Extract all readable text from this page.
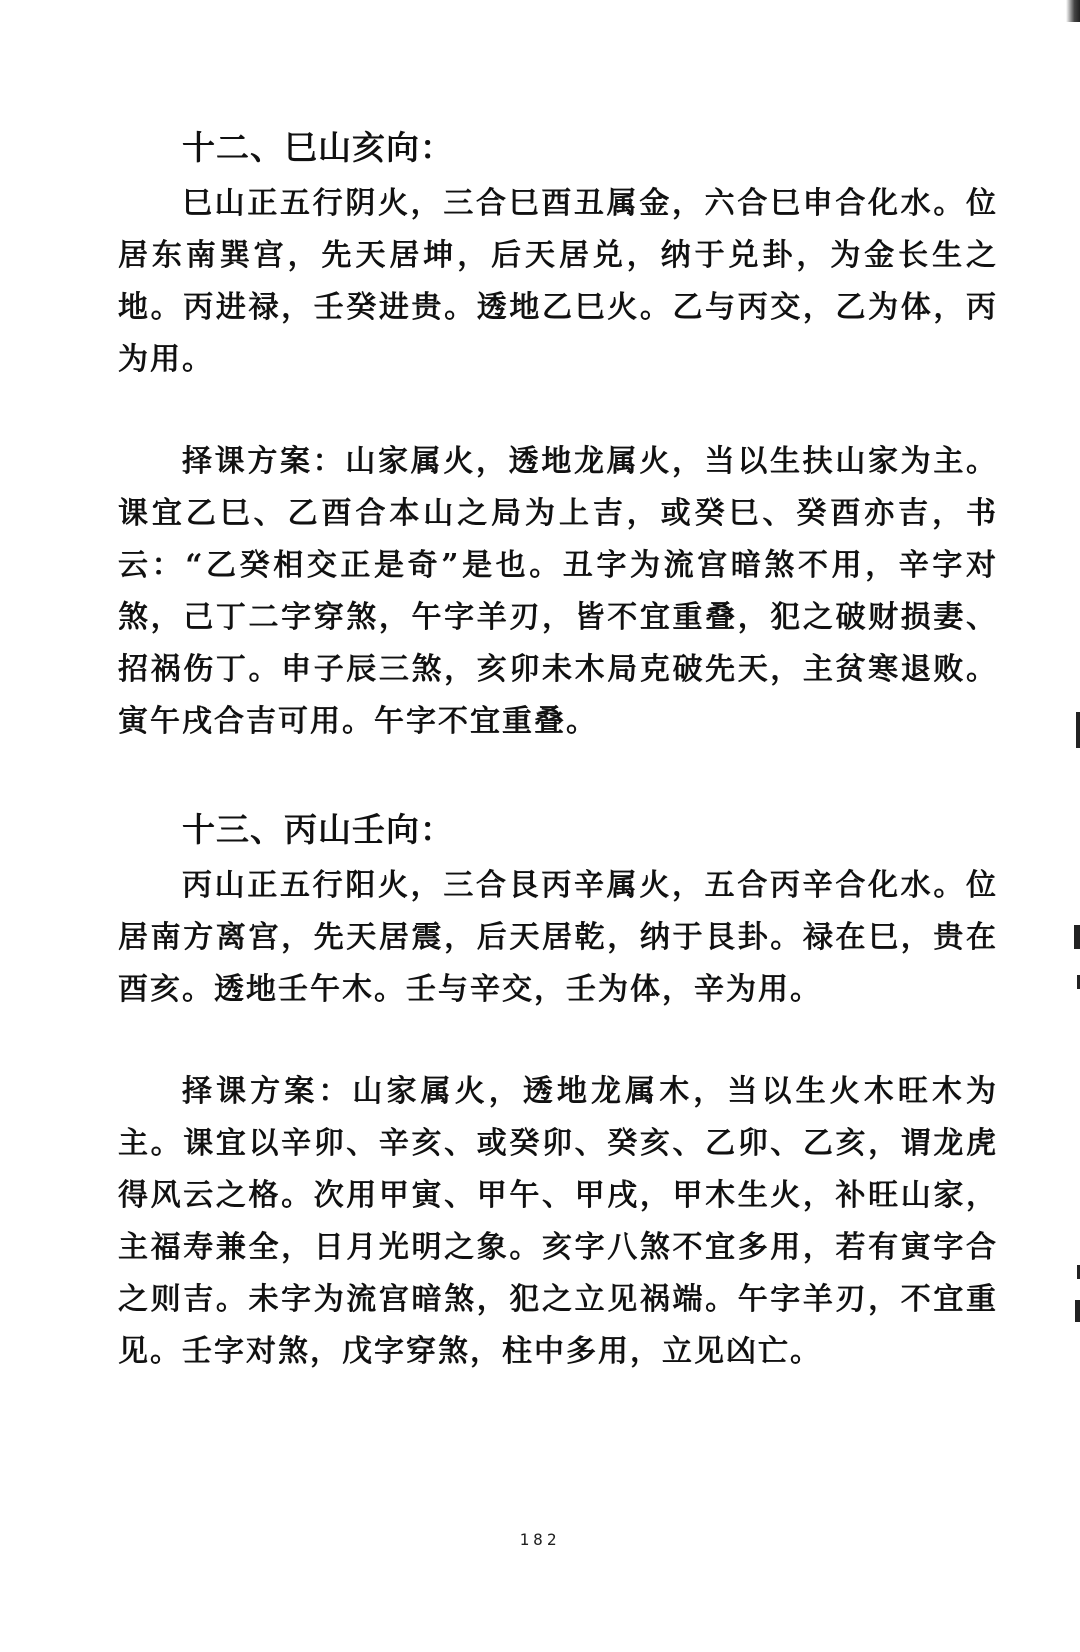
十二、巳山亥向：

巳山正五行阴火，三合巳酉丑属金，六合巳申合化水。位居东南巽宫，先天居坤，后天居兑，纳于兑卦，为金长生之地。丙进禄，壬癸进贵。透地乙巳火。乙与丙交，乙为体，丙为用。

择课方案：山家属火，透地龙属火，当以生扶山家为主。课宜乙巳、乙酉合本山之局为上吉，或癸巳、癸酉亦吉，书云：“乙癸相交正是奇”是也。丑字为流宫暗煞不用，辛字对煞，己丁二字穿煞，午字羊刃，皆不宜重叠，犯之破财损妻、招祸伤丁。申子辰三煞，亥卯未木局克破先天，主贫寒退败。寅午戌合吉可用。午字不宜重叠。

十三、丙山壬向：

丙山正五行阳火，三合艮丙辛属火，五合丙辛合化水。位居南方离宫，先天居震，后天居乾，纳于艮卦。禄在巳，贵在酉亥。透地壬午木。壬与辛交，壬为体，辛为用。

择课方案：山家属火，透地龙属木，当以生火木旺木为主。课宜以辛卯、辛亥、或癸卯、癸亥、乙卯、乙亥，谓龙虎得风云之格。次用甲寅、甲午、甲戌，甲木生火，补旺山家，主福寿兼全，日月光明之象。亥字八煞不宜多用，若有寅字合之则吉。未字为流宫暗煞，犯之立见祸端。午字羊刃，不宜重见。壬字对煞，戊字穿煞，柱中多用，立见凶亡。

182
